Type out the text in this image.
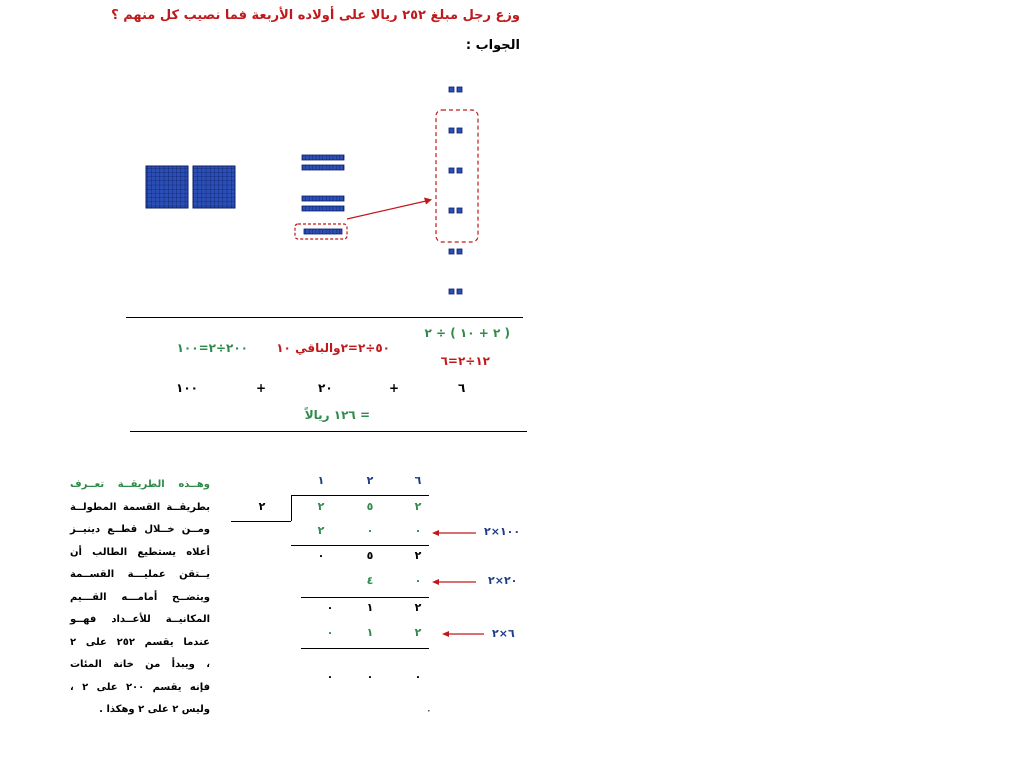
وزع رجل مبلغ ٢٥٢ ريالا على أولاده الأربعة فما نصيب كل منهم ؟
الجواب :
( ٢ + ١٠ ) ÷ ٢
١٢÷٢=٦
٥٠÷٢=٢والباقي ١٠
٢٠٠÷٢=١٠٠
٦
+
٢٠
+
١٠٠
= ١٢٦ ريالاً
٦
٢
١
٢	٢
٥
٢
٠
٠
٢
٢
٥
٠
٠
٤
٢
١
٠
٢
١
٠
٠
٠
٠
١٠٠×٢
٢٠×٢
٦×٢
وهــذه الطريقــة تعــرف
بطريقــة القسمة المطولــة
ومــن خــلال قطــع دينيــز
أعلاه يستطيع الطالب أن
يــتقن عمليـــة القســمة
ويتضــح أمامـــه القـــيم
المكانيــة للأعــداد فهــو
عندما يقسم ٢٥٢ على ٢
، ويبدأ من خانة المئات
فإنه يقسم ٢٠٠ على ٢ ،
وليس ٢ على ٢ وهكذا .
